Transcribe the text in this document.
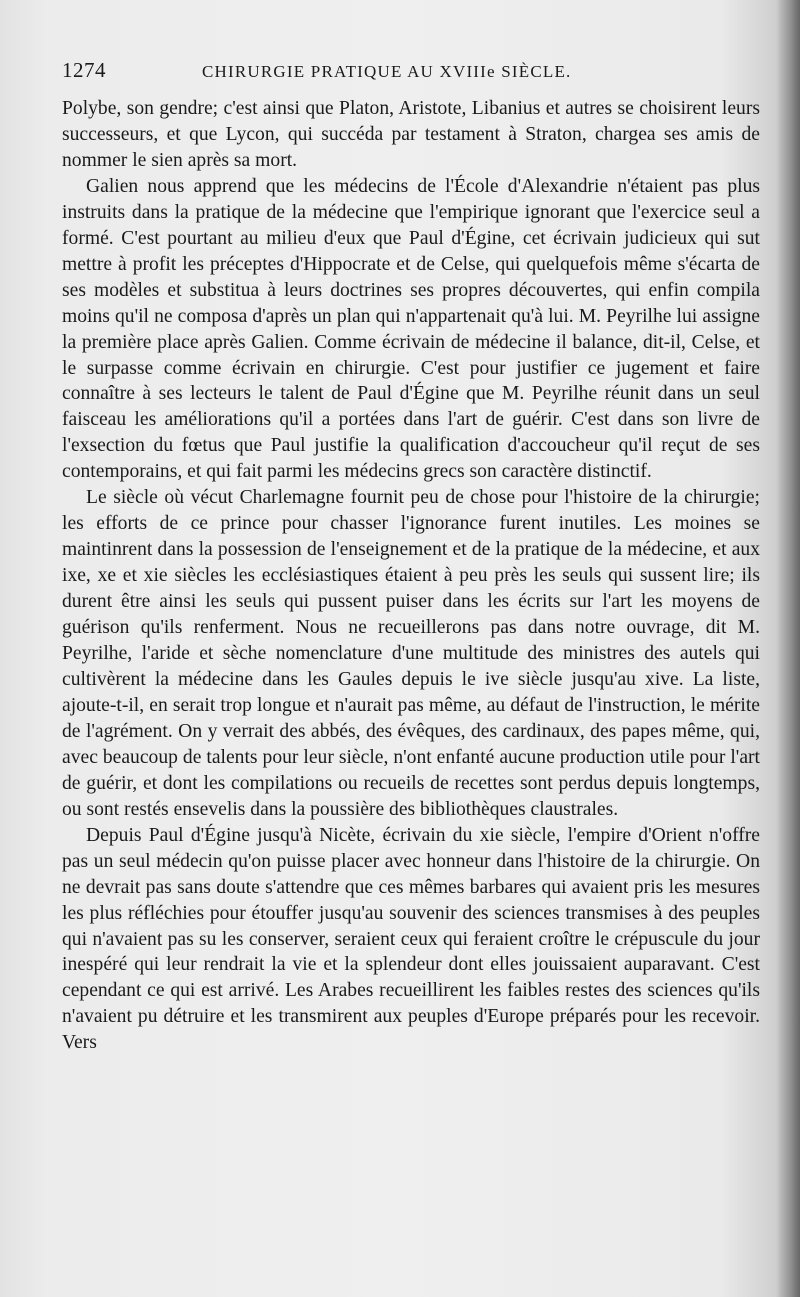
1274	CHIRURGIE PRATIQUE AU XVIIIe SIÈCLE.

Polybe, son gendre; c'est ainsi que Platon, Aristote, Libanius et autres se choisirent leurs successeurs, et que Lycon, qui succéda par testament à Straton, chargea ses amis de nommer le sien après sa mort.

Galien nous apprend que les médecins de l'École d'Alexandrie n'étaient pas plus instruits dans la pratique de la médecine que l'empirique ignorant que l'exercice seul a formé. C'est pourtant au milieu d'eux que Paul d'Égine, cet écrivain judicieux qui sut mettre à profit les préceptes d'Hippocrate et de Celse, qui quelquefois même s'écarta de ses modèles et substitua à leurs doctrines ses propres découvertes, qui enfin compila moins qu'il ne composa d'après un plan qui n'appartenait qu'à lui. M. Peyrilhe lui assigne la première place après Galien. Comme écrivain de médecine il balance, dit-il, Celse, et le surpasse comme écrivain en chirurgie. C'est pour justifier ce jugement et faire connaître à ses lecteurs le talent de Paul d'Égine que M. Peyrilhe réunit dans un seul faisceau les améliorations qu'il a portées dans l'art de guérir. C'est dans son livre de l'exsection du fœtus que Paul justifie la qualification d'accoucheur qu'il reçut de ses contemporains, et qui fait parmi les médecins grecs son caractère distinctif.

Le siècle où vécut Charlemagne fournit peu de chose pour l'histoire de la chirurgie; les efforts de ce prince pour chasser l'ignorance furent inutiles. Les moines se maintinrent dans la possession de l'enseignement et de la pratique de la médecine, et aux ixe, xe et xie siècles les ecclésiastiques étaient à peu près les seuls qui sussent lire; ils durent être ainsi les seuls qui pussent puiser dans les écrits sur l'art les moyens de guérison qu'ils renferment. Nous ne recueillerons pas dans notre ouvrage, dit M. Peyrilhe, l'aride et sèche nomenclature d'une multitude des ministres des autels qui cultivèrent la médecine dans les Gaules depuis le ive siècle jusqu'au xive. La liste, ajoute-t-il, en serait trop longue et n'aurait pas même, au défaut de l'instruction, le mérite de l'agrément. On y verrait des abbés, des évêques, des cardinaux, des papes même, qui, avec beaucoup de talents pour leur siècle, n'ont enfanté aucune production utile pour l'art de guérir, et dont les compilations ou recueils de recettes sont perdus depuis longtemps, ou sont restés ensevelis dans la poussière des bibliothèques claustrales.

Depuis Paul d'Égine jusqu'à Nicète, écrivain du xie siècle, l'empire d'Orient n'offre pas un seul médecin qu'on puisse placer avec honneur dans l'histoire de la chirurgie. On ne devrait pas sans doute s'attendre que ces mêmes barbares qui avaient pris les mesures les plus réfléchies pour étouffer jusqu'au souvenir des sciences transmises à des peuples qui n'avaient pas su les conserver, seraient ceux qui feraient croître le crépuscule du jour inespéré qui leur rendrait la vie et la splendeur dont elles jouissaient auparavant. C'est cependant ce qui est arrivé. Les Arabes recueillirent les faibles restes des sciences qu'ils n'avaient pu détruire et les transmirent aux peuples d'Europe préparés pour les recevoir. Vers
